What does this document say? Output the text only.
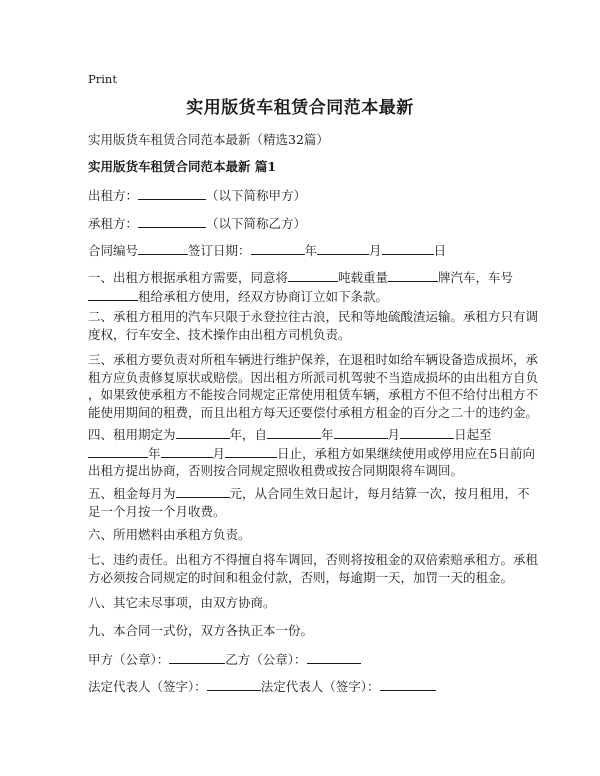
Print
实用版货车租赁合同范本最新
实用版货车租赁合同范本最新（精选32篇）
实用版货车租赁合同范本最新 篇1
出租方：	（以下简称甲方）
承租方：	（以下简称乙方）
合同编号	签订日期：	年	月	日
一、出租方根据承租方需要，同意将	吨载重量	牌汽车，车号
租给承租方使用，经双方协商订立如下条款。
二、承租方租用的汽车只限于永登拉往古浪，民和等地硫酸渣运输。承租方只有调
度权，行车安全、技术操作由出租方司机负责。
三、承租方要负责对所租车辆进行维护保养，在退租时如给车辆设备造成损坏，承
租方应负责修复原状或赔偿。因出租方所派司机驾驶不当造成损坏的由出租方自负
，如果致使承租方不能按合同规定正常使用租赁车辆，承租方不但不给付出租方不
能使用期间的租费，而且出租方每天还要偿付承租方租金的百分之二十的违约金。
四、租用期定为	年，自	年	月	日起至
年	月	日止，承租方如果继续使用或停用应在5日前向
出租方提出协商，否则按合同规定照收租费或按合同期限将车调回。
五、租金每月为	元，从合同生效日起计，每月结算一次，按月租用，不
足一个月按一个月收费。
六、所用燃料由承租方负责。
七、违约责任。出租方不得擅自将车调回，否则将按租金的双倍索赔承租方。承租
方必须按合同规定的时间和租金付款，否则，每逾期一天，加罚一天的租金。
八、其它未尽事项，由双方协商。
九、本合同一式份，双方各执正本一份。
甲方（公章）：	乙方（公章）：
法定代表人（签字）：	法定代表人（签字）：
